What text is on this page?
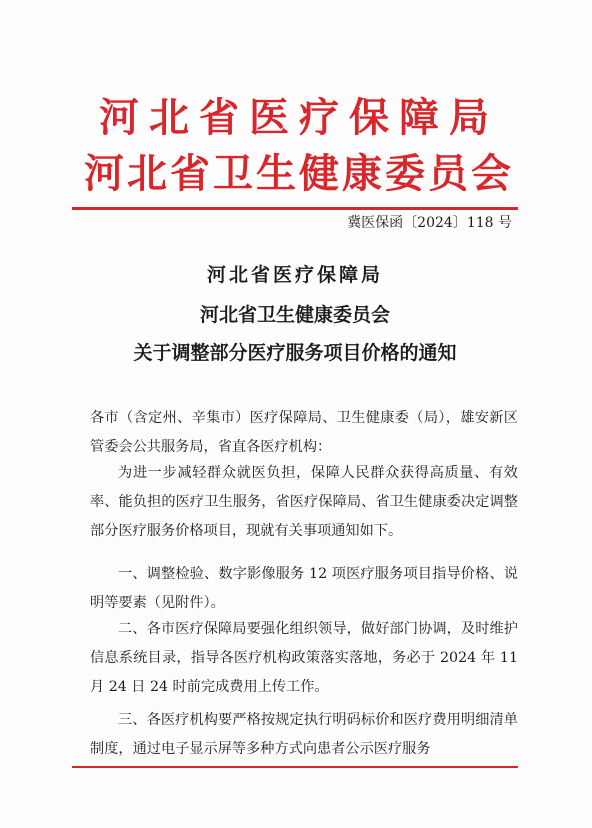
河北省医疗保障局
河北省卫生健康委员会
冀医保函〔2024〕118 号
河北省医疗保障局
河北省卫生健康委员会
关于调整部分医疗服务项目价格的通知

各市（含定州、辛集市）医疗保障局、卫生健康委（局），雄安新区管委会公共服务局，省直各医疗机构：

为进一步减轻群众就医负担，保障人民群众获得高质量、有效率、能负担的医疗卫生服务，省医疗保障局、省卫生健康委决定调整部分医疗服务价格项目，现就有关事项通知如下。

一、调整检验、数字影像服务 12 项医疗服务项目指导价格、说明等要素（见附件）。

二、各市医疗保障局要强化组织领导，做好部门协调，及时维护信息系统目录，指导各医疗机构政策落实落地，务必于 2024 年 11 月 24 日 24 时前完成费用上传工作。

三、各医疗机构要严格按规定执行明码标价和医疗费用明细清单制度，通过电子显示屏等多种方式向患者公示医疗服务
